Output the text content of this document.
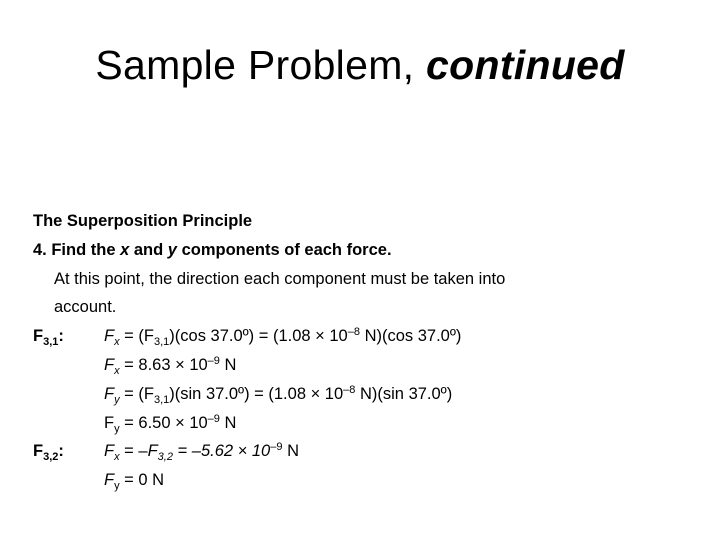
Sample Problem, continued
The Superposition Principle
4. Find the x and y components of each force.
At this point, the direction each component must be taken into
account.
$F_{3,1}$: $F_x = (F_{3,1})(\cos$ 37.0º) = ($1.08 \times 10^{-8}$ N)(cos 37.0º)
$F_x = 8.63 \times 10^{-9}$ N
$F_y = (F_{3,1})(\sin$ 37.0º) = ($1.08 \times 10^{-8}$ N)(sin 37.0º)
$F_y = 6.50 \times 10^{-9}$ N
$F_{3,2}$: $F_x = -F_{3,2} = -5.62 \times 10^{-9}$ N
$F_y = 0$ N
